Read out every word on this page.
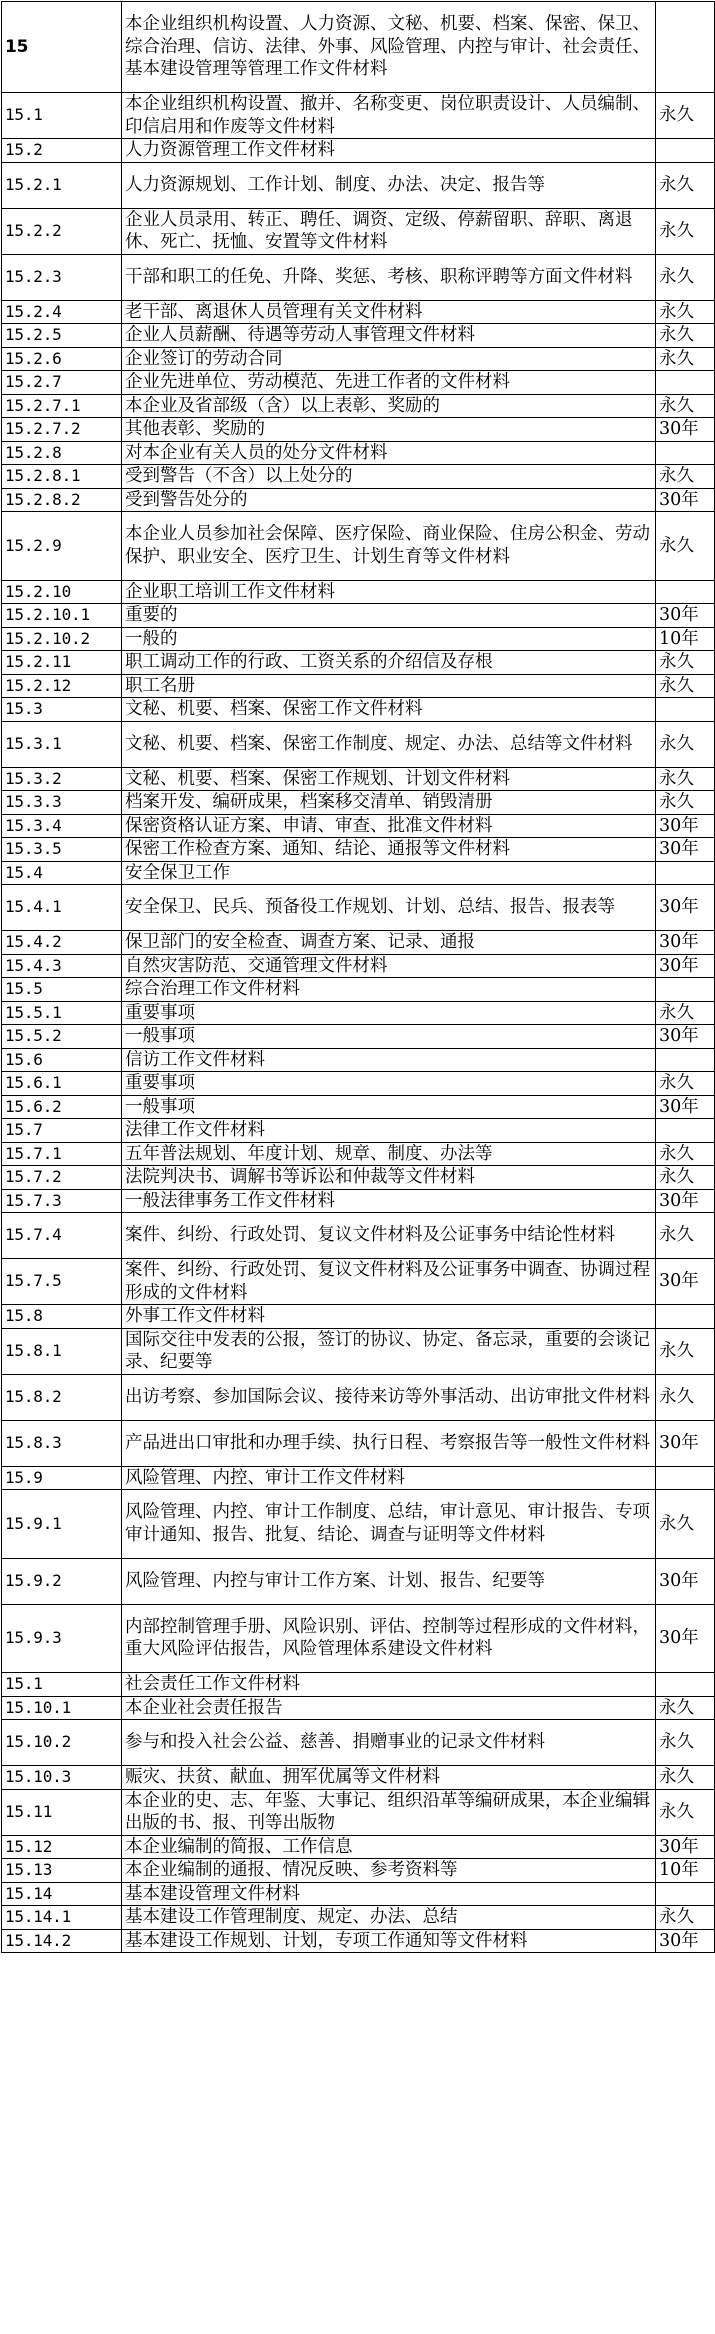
15	本企业组织机构设置、人力资源、文秘、机要、档案、保密、保卫、综合治理、信访、法律、外事、风险管理、内控与审计、社会责任、基本建设管理等管理工作文件材料	
15.1	本企业组织机构设置、撤并、名称变更、岗位职责设计、人员编制、印信启用和作废等文件材料	永久
15.2	人力资源管理工作文件材料	
15.2.1	人力资源规划、工作计划、制度、办法、决定、报告等	永久
15.2.2	企业人员录用、转正、聘任、调资、定级、停薪留职、辞职、离退休、死亡、抚恤、安置等文件材料	永久
15.2.3	干部和职工的任免、升降、奖惩、考核、职称评聘等方面文件材料	永久
15.2.4	老干部、离退休人员管理有关文件材料	永久
15.2.5	企业人员薪酬、待遇等劳动人事管理文件材料	永久
15.2.6	企业签订的劳动合同	永久
15.2.7	企业先进单位、劳动模范、先进工作者的文件材料	
15.2.7.1	本企业及省部级（含）以上表彰、奖励的	永久
15.2.7.2	其他表彰、奖励的	30年
15.2.8	对本企业有关人员的处分文件材料	
15.2.8.1	受到警告（不含）以上处分的	永久
15.2.8.2	受到警告处分的	30年
15.2.9	本企业人员参加社会保障、医疗保险、商业保险、住房公积金、劳动保护、职业安全、医疗卫生、计划生育等文件材料	永久
15.2.10	企业职工培训工作文件材料	
15.2.10.1	重要的	30年
15.2.10.2	一般的	10年
15.2.11	职工调动工作的行政、工资关系的介绍信及存根	永久
15.2.12	职工名册	永久
15.3	文秘、机要、档案、保密工作文件材料	
15.3.1	文秘、机要、档案、保密工作制度、规定、办法、总结等文件材料	永久
15.3.2	文秘、机要、档案、保密工作规划、计划文件材料	永久
15.3.3	档案开发、编研成果，档案移交清单、销毁清册	永久
15.3.4	保密资格认证方案、申请、审查、批准文件材料	30年
15.3.5	保密工作检查方案、通知、结论、通报等文件材料	30年
15.4	安全保卫工作	
15.4.1	安全保卫、民兵、预备役工作规划、计划、总结、报告、报表等	30年
15.4.2	保卫部门的安全检查、调查方案、记录、通报	30年
15.4.3	自然灾害防范、交通管理文件材料	30年
15.5	综合治理工作文件材料	
15.5.1	重要事项	永久
15.5.2	一般事项	30年
15.6	信访工作文件材料	
15.6.1	重要事项	永久
15.6.2	一般事项	30年
15.7	法律工作文件材料	
15.7.1	五年普法规划、年度计划、规章、制度、办法等	永久
15.7.2	法院判决书、调解书等诉讼和仲裁等文件材料	永久
15.7.3	一般法律事务工作文件材料	30年
15.7.4	案件、纠纷、行政处罚、复议文件材料及公证事务中结论性材料	永久
15.7.5	案件、纠纷、行政处罚、复议文件材料及公证事务中调查、协调过程形成的文件材料	30年
15.8	外事工作文件材料	
15.8.1	国际交往中发表的公报，签订的协议、协定、备忘录，重要的会谈记录、纪要等	永久
15.8.2	出访考察、参加国际会议、接待来访等外事活动、出访审批文件材料	永久
15.8.3	产品进出口审批和办理手续、执行日程、考察报告等一般性文件材料	30年
15.9	风险管理、内控、审计工作文件材料	
15.9.1	风险管理、内控、审计工作制度、总结，审计意见、审计报告、专项审计通知、报告、批复、结论、调查与证明等文件材料	永久
15.9.2	风险管理、内控与审计工作方案、计划、报告、纪要等	30年
15.9.3	内部控制管理手册、风险识别、评估、控制等过程形成的文件材料，重大风险评估报告，风险管理体系建设文件材料	30年
15.1	社会责任工作文件材料	
15.10.1	本企业社会责任报告	永久
15.10.2	参与和投入社会公益、慈善、捐赠事业的记录文件材料	永久
15.10.3	赈灾、扶贫、献血、拥军优属等文件材料	永久
15.11	本企业的史、志、年鉴、大事记、组织沿革等编研成果，本企业编辑出版的书、报、刊等出版物	永久
15.12	本企业编制的简报、工作信息	30年
15.13	本企业编制的通报、情况反映、参考资料等	10年
15.14	基本建设管理文件材料	
15.14.1	基本建设工作管理制度、规定、办法、总结	永久
15.14.2	基本建设工作规划、计划，专项工作通知等文件材料	30年
